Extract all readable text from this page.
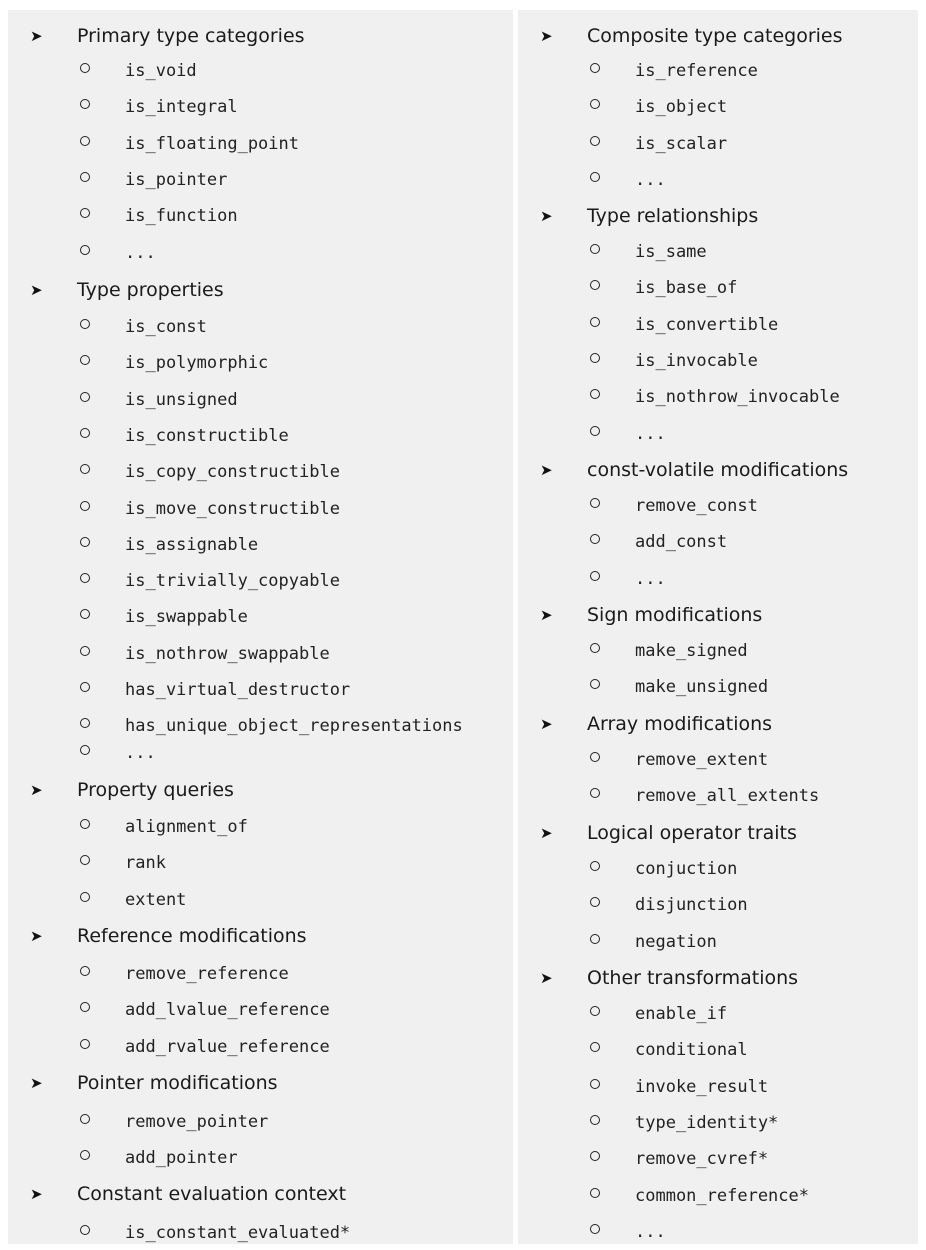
➤ Primary type categories
is_void
is_integral
is_floating_point
is_pointer
is_function
...
➤ Type properties
is_const
is_polymorphic
is_unsigned
is_constructible
is_copy_constructible
is_move_constructible
is_assignable
is_trivially_copyable
is_swappable
is_nothrow_swappable
has_virtual_destructor
has_unique_object_representations
...
➤ Property queries
alignment_of
rank
extent
➤ Reference modifications
remove_reference
add_lvalue_reference
add_rvalue_reference
➤ Pointer modifications
remove_pointer
add_pointer
➤ Constant evaluation context
is_constant_evaluated*
➤ Composite type categories
is_reference
is_object
is_scalar
...
➤ Type relationships
is_same
is_base_of
is_convertible
is_invocable
is_nothrow_invocable
...
➤ const-volatile modifications
remove_const
add_const
...
➤ Sign modifications
make_signed
make_unsigned
➤ Array modifications
remove_extent
remove_all_extents
➤ Logical operator traits
conjuction
disjunction
negation
➤ Other transformations
enable_if
conditional
invoke_result
type_identity*
remove_cvref*
common_reference*
...
